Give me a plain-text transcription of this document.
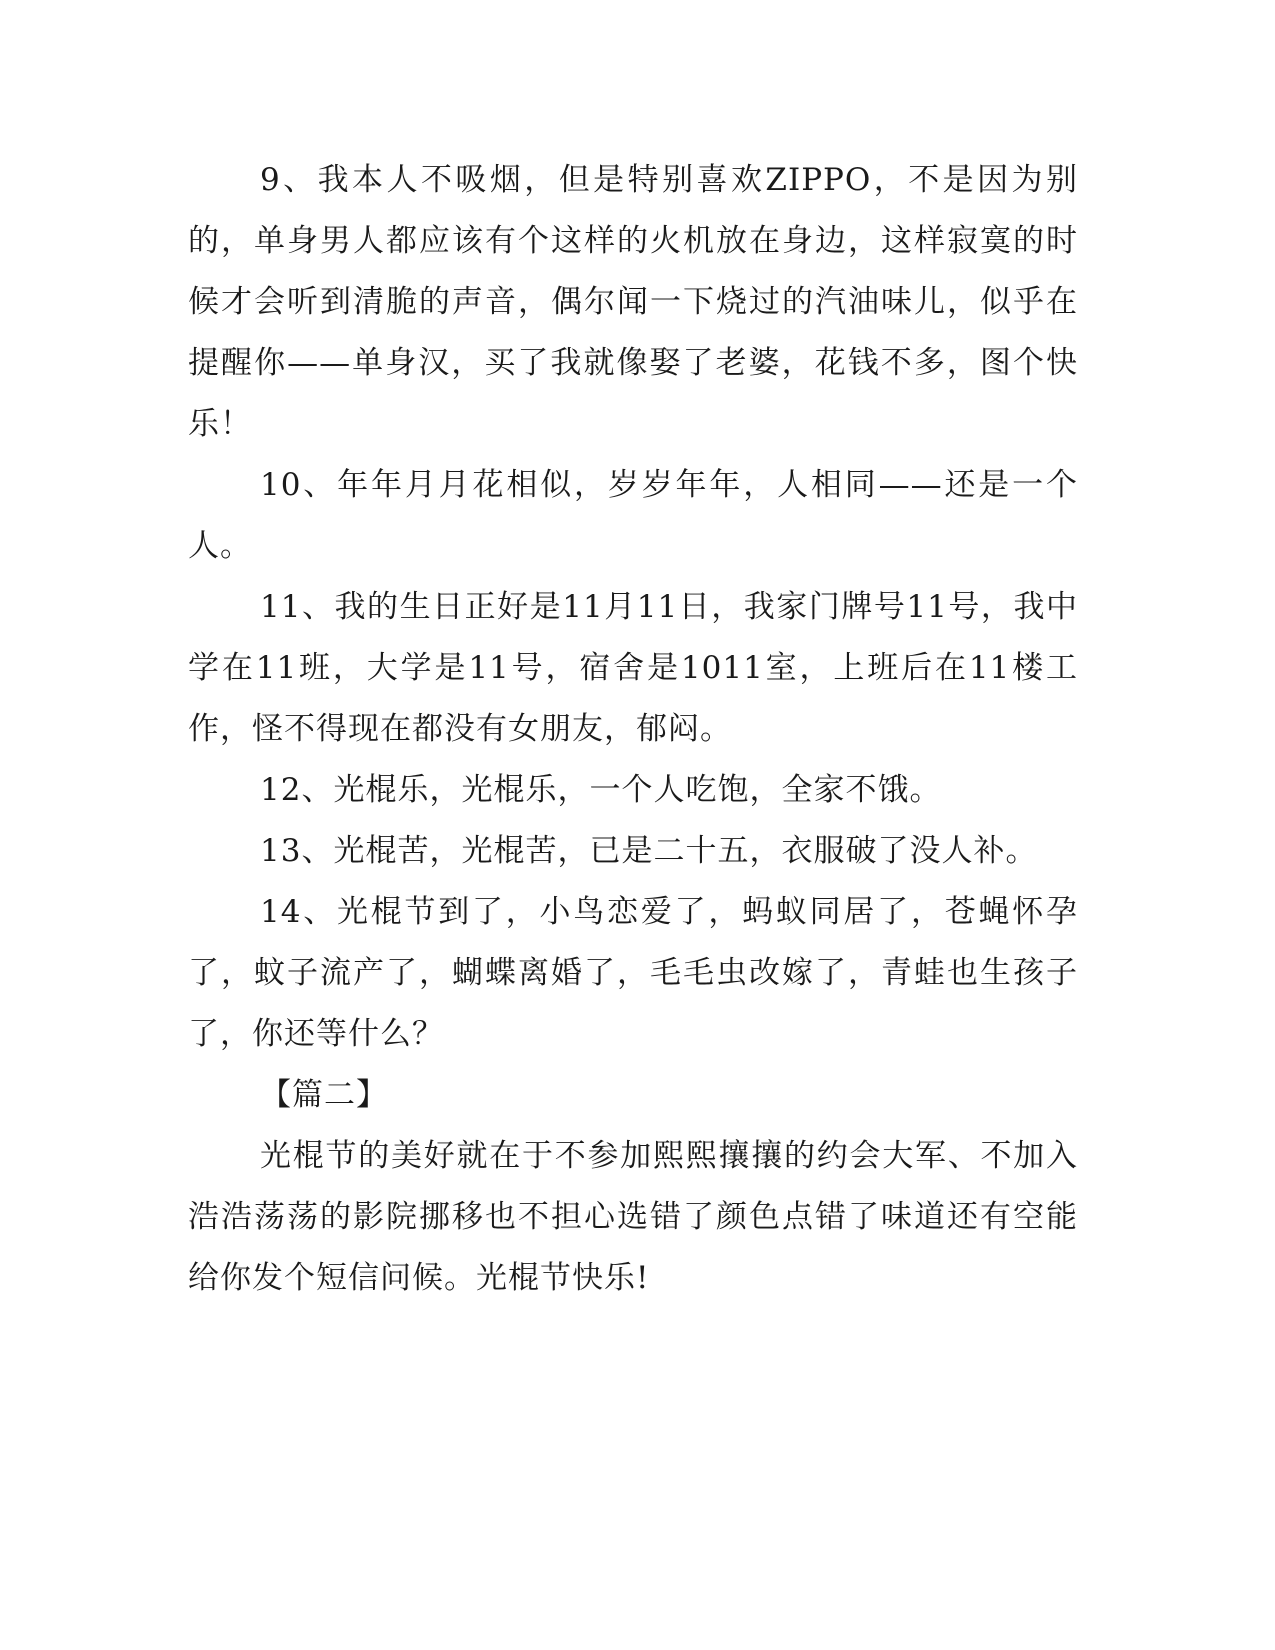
9、我本人不吸烟，但是特别喜欢ZIPPO，不是因为别的，单身男人都应该有个这样的火机放在身边，这样寂寞的时候才会听到清脆的声音，偶尔闻一下烧过的汽油味儿，似乎在提醒你——单身汉，买了我就像娶了老婆，花钱不多，图个快乐！

10、年年月月花相似，岁岁年年，人相同——还是一个人。

11、我的生日正好是11月11日，我家门牌号11号，我中学在11班，大学是11号，宿舍是1011室，上班后在11楼工作，怪不得现在都没有女朋友，郁闷。

12、光棍乐，光棍乐，一个人吃饱，全家不饿。

13、光棍苦，光棍苦，已是二十五，衣服破了没人补。

14、光棍节到了，小鸟恋爱了，蚂蚁同居了，苍蝇怀孕了，蚊子流产了，蝴蝶离婚了，毛毛虫改嫁了，青蛙也生孩子了，你还等什么？

【篇二】

光棍节的美好就在于不参加熙熙攘攘的约会大军、不加入浩浩荡荡的影院挪移也不担心选错了颜色点错了味道还有空能给你发个短信问候。光棍节快乐!
